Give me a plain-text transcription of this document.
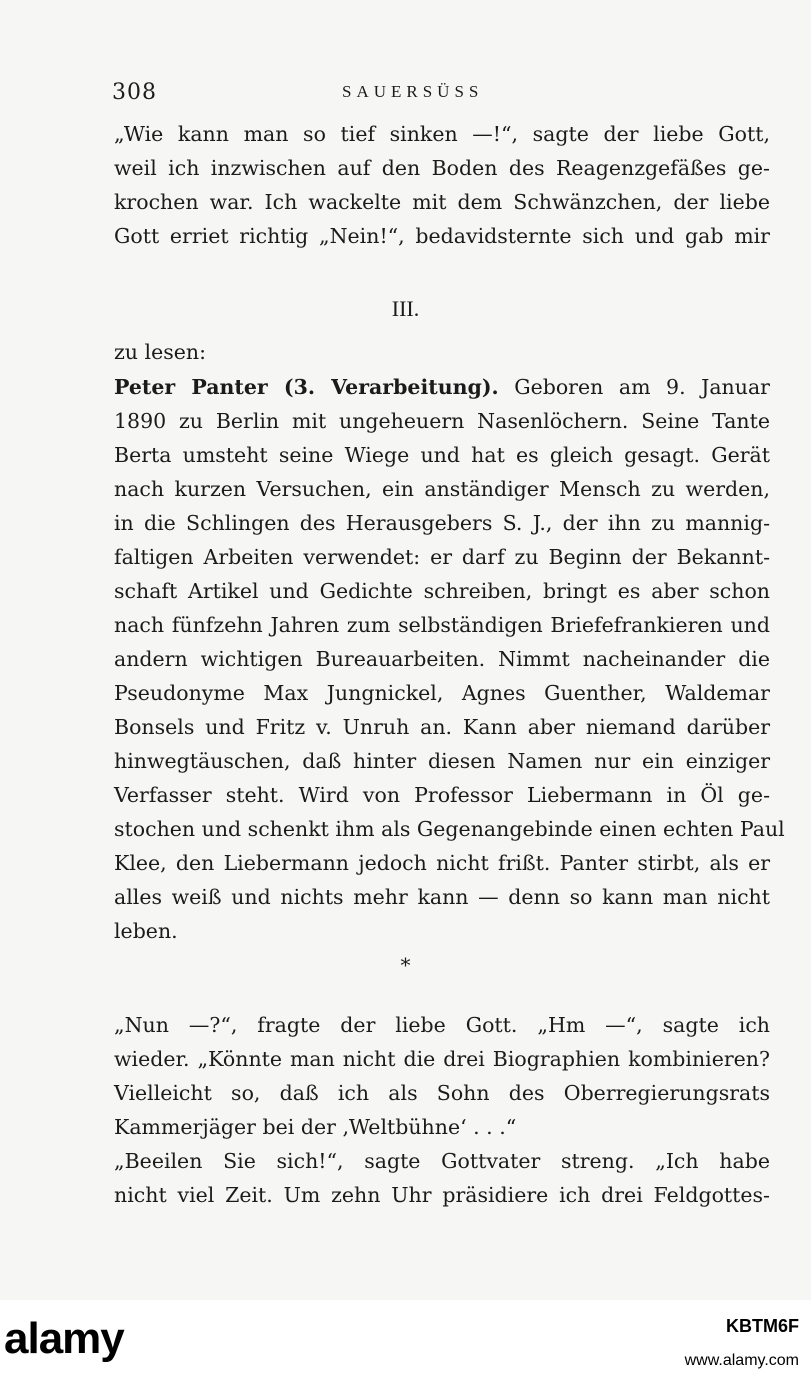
308	SAUERSÜSS
„Wie kann man so tief sinken —!“, sagte der liebe Gott,
weil ich inzwischen auf den Boden des Reagenzgefäßes ge-
krochen war. Ich wackelte mit dem Schwänzchen, der liebe
Gott erriet richtig „Nein!“, bedavidsternte sich und gab mir
III.
zu lesen:
Peter Panter (3. Verarbeitung). Geboren am 9. Januar
1890 zu Berlin mit ungeheuern Nasenlöchern. Seine Tante
Berta umsteht seine Wiege und hat es gleich gesagt. Gerät
nach kurzen Versuchen, ein anständiger Mensch zu werden,
in die Schlingen des Herausgebers S. J., der ihn zu mannig-
faltigen Arbeiten verwendet: er darf zu Beginn der Bekannt-
schaft Artikel und Gedichte schreiben, bringt es aber schon
nach fünfzehn Jahren zum selbständigen Briefefrankieren und
andern wichtigen Bureauarbeiten. Nimmt nacheinander die
Pseudonyme Max Jungnickel, Agnes Guenther, Waldemar
Bonsels und Fritz v. Unruh an. Kann aber niemand darüber
hinwegtäuschen, daß hinter diesen Namen nur ein einziger
Verfasser steht. Wird von Professor Liebermann in Öl ge-
stochen und schenkt ihm als Gegenangebinde einen echten Paul
Klee, den Liebermann jedoch nicht frißt. Panter stirbt, als er
alles weiß und nichts mehr kann — denn so kann man nicht
leben.
*
„Nun —?“, fragte der liebe Gott. „Hm —“, sagte ich
wieder. „Könnte man nicht die drei Biographien kombinieren?
Vielleicht so, daß ich als Sohn des Oberregierungsrats
Kammerjäger bei der ‚Weltbühne‘ . . .“
„Beeilen Sie sich!“, sagte Gottvater streng. „Ich habe
nicht viel Zeit. Um zehn Uhr präsidiere ich drei Feldgottes-
alamy	KBTM6F
www.alamy.com
